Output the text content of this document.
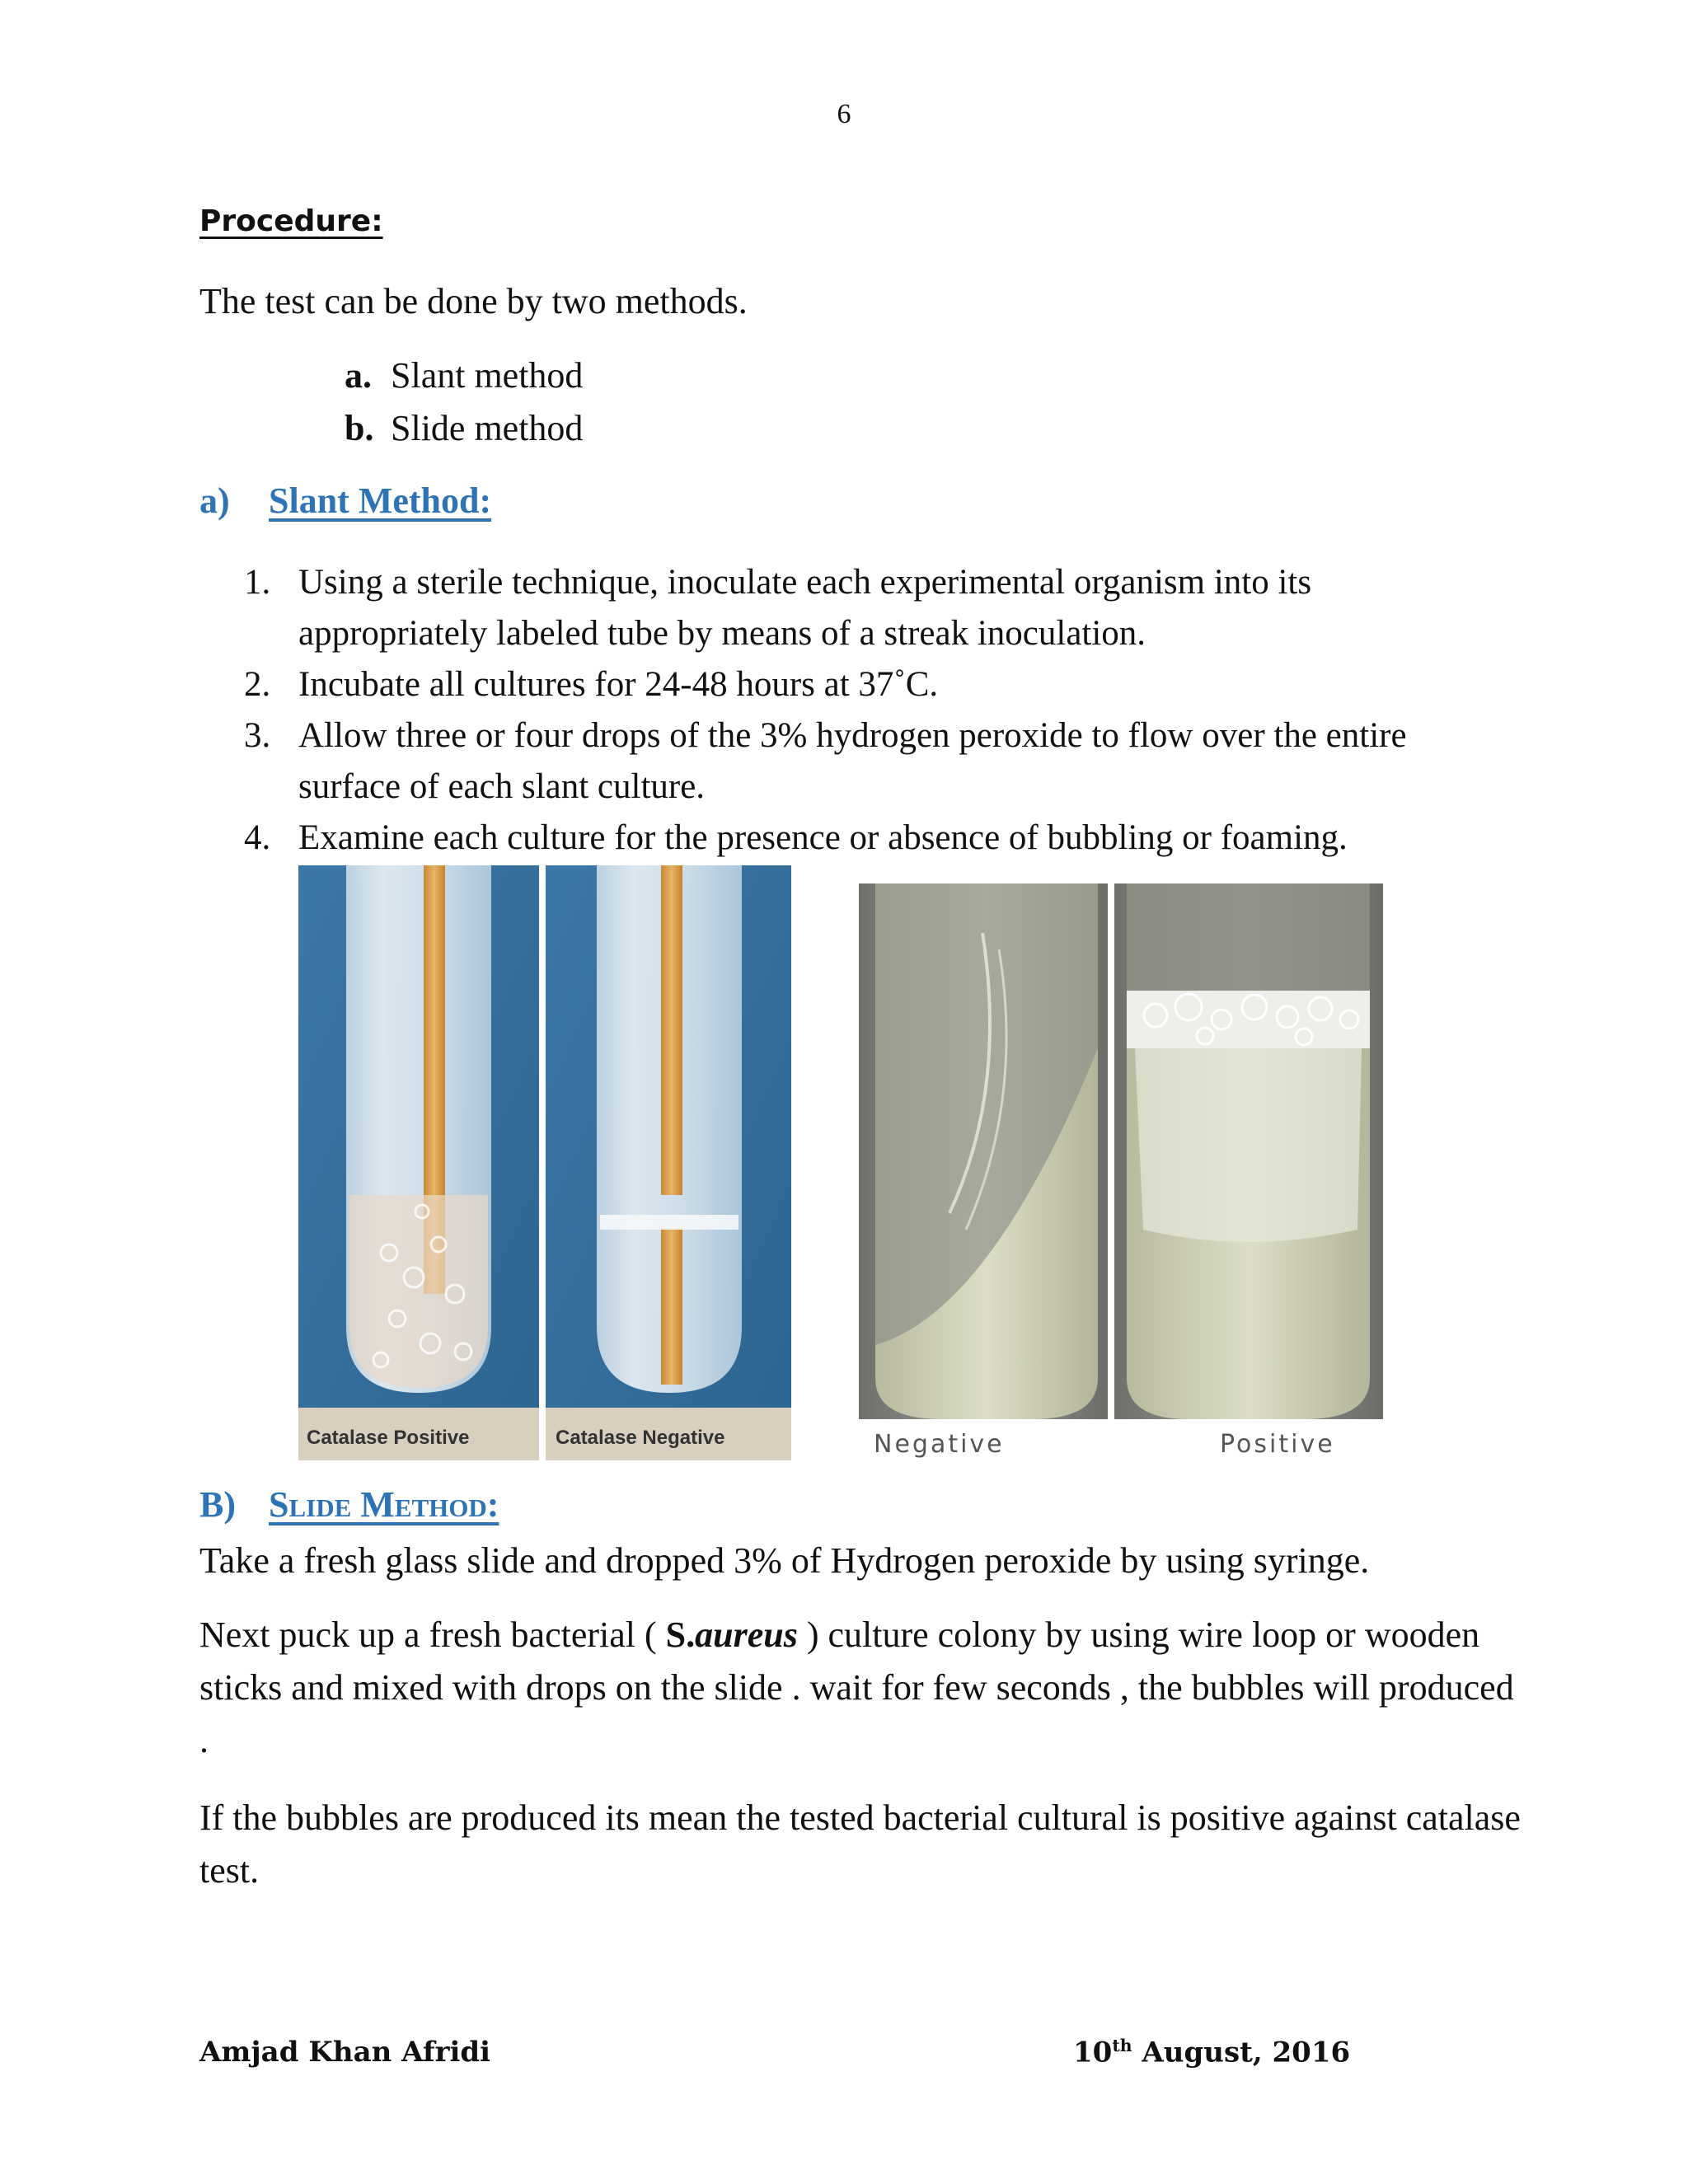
6
Procedure:
The test can be done by two methods.
a. Slant method
b. Slide method
a) Slant Method:
1. Using a sterile technique, inoculate each experimental organism into its appropriately labeled tube by means of a streak inoculation.
2. Incubate all cultures for 24-48 hours at 37˚C.
3. Allow three or four drops of the 3% hydrogen peroxide to flow over the entire surface of each slant culture.
4. Examine each culture for the presence or absence of bubbling or foaming.
Catalase Positive	Catalase Negative	Negative	Positive
B) Slide Method:
Take a fresh glass slide and dropped 3% of Hydrogen peroxide by using syringe.
Next puck up a fresh bacterial ( S.aureus ) culture colony by using wire loop or wooden sticks and mixed with drops on the slide . wait for few seconds , the bubbles will produced .
If the bubbles are produced its mean the tested bacterial cultural is positive against catalase test.
Amjad Khan Afridi	10th August, 2016
